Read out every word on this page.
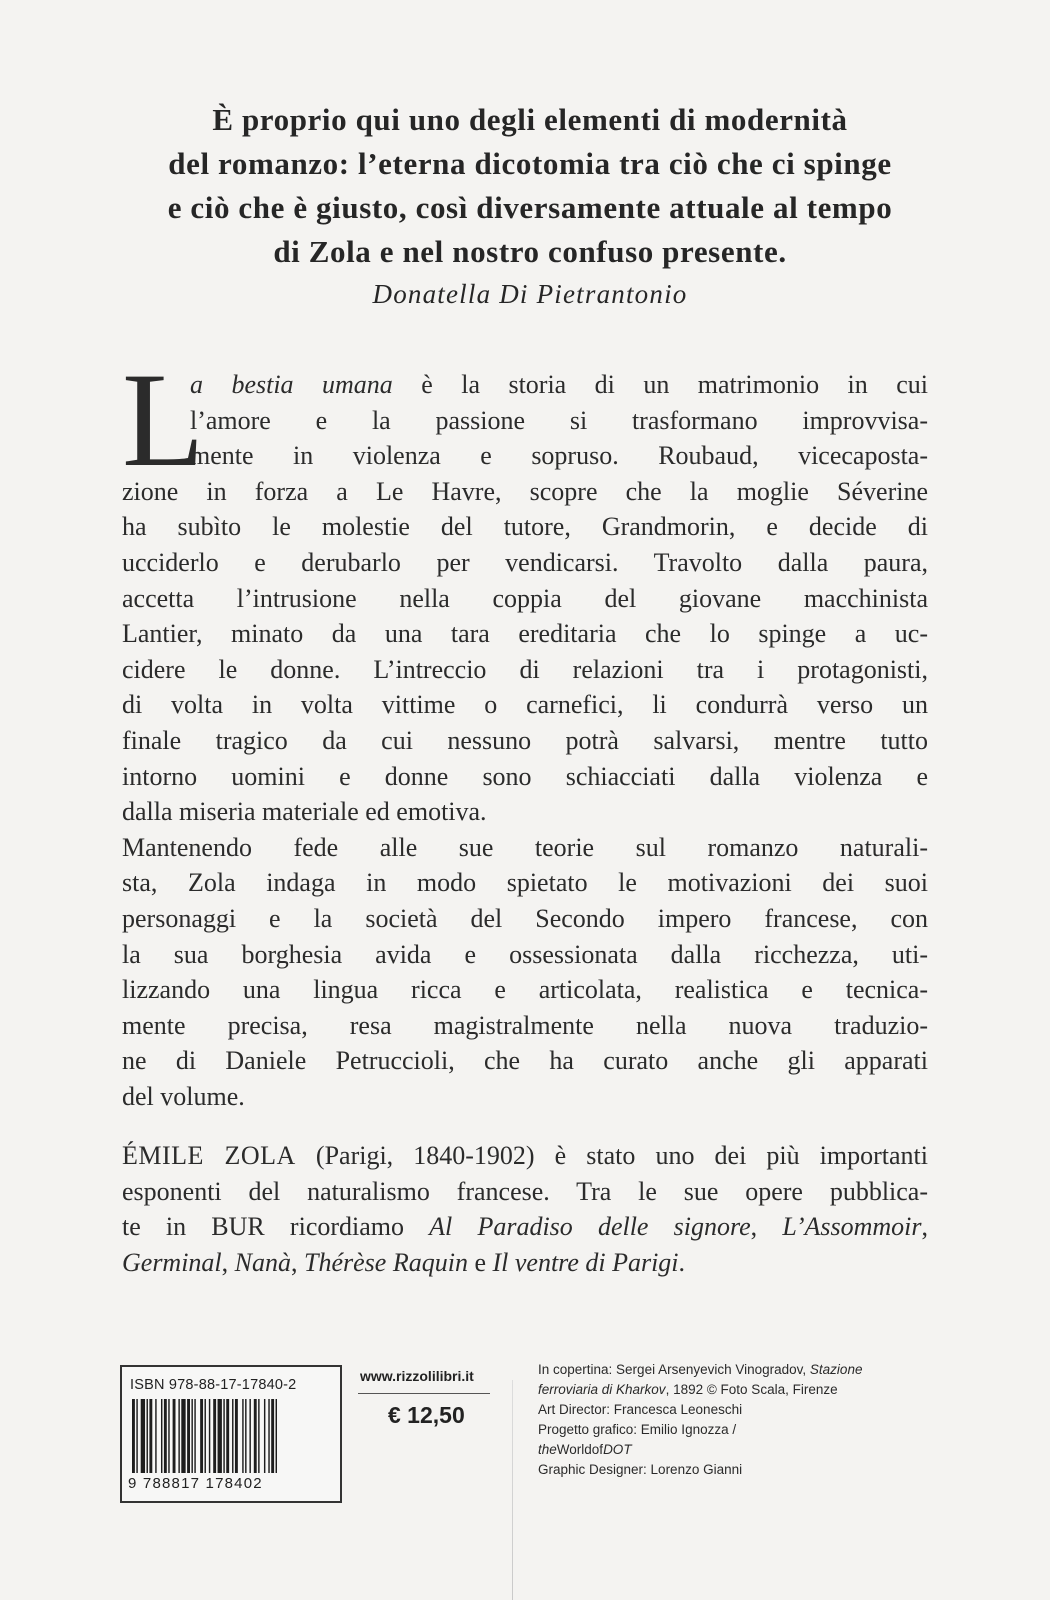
È proprio qui uno degli elementi di modernità
del romanzo: l’eterna dicotomia tra ciò che ci spinge
e ciò che è giusto, così diversamente attuale al tempo
di Zola e nel nostro confuso presente.
Donatella Di Pietrantonio
L
a bestia umana è la storia di un matrimonio in cui
l’amore e la passione si trasformano improvvisa-
mente in violenza e sopruso. Roubaud, vicecaposta-
zione in forza a Le Havre, scopre che la moglie Séverine
ha subìto le molestie del tutore, Grandmorin, e decide di
ucciderlo e derubarlo per vendicarsi. Travolto dalla paura,
accetta l’intrusione nella coppia del giovane macchinista
Lantier, minato da una tara ereditaria che lo spinge a uc-
cidere le donne. L’intreccio di relazioni tra i protagonisti,
di volta in volta vittime o carnefici, li condurrà verso un
finale tragico da cui nessuno potrà salvarsi, mentre tutto
intorno uomini e donne sono schiacciati dalla violenza e
dalla miseria materiale ed emotiva.
Mantenendo fede alle sue teorie sul romanzo naturali-
sta, Zola indaga in modo spietato le motivazioni dei suoi
personaggi e la società del Secondo impero francese, con
la sua borghesia avida e ossessionata dalla ricchezza, uti-
lizzando una lingua ricca e articolata, realistica e tecnica-
mente precisa, resa magistralmente nella nuova traduzio-
ne di Daniele Petruccioli, che ha curato anche gli apparati
del volume.
ÉMILE ZOLA (Parigi, 1840-1902) è stato uno dei più importanti
esponenti del naturalismo francese. Tra le sue opere pubblica-
te in BUR ricordiamo Al Paradiso delle signore, L’Assommoir,
Germinal, Nanà, Thérèse Raquin e Il ventre di Parigi.
ISBN 978-88-17-17840-2
9 788817 178402
www.rizzolilibri.it
€ 12,50
In copertina: Sergei Arsenyevich Vinogradov, Stazione
ferroviaria di Kharkov, 1892 © Foto Scala, Firenze
Art Director: Francesca Leoneschi
Progetto grafico: Emilio Ignozza /
theWorldofDOT
Graphic Designer: Lorenzo Gianni
